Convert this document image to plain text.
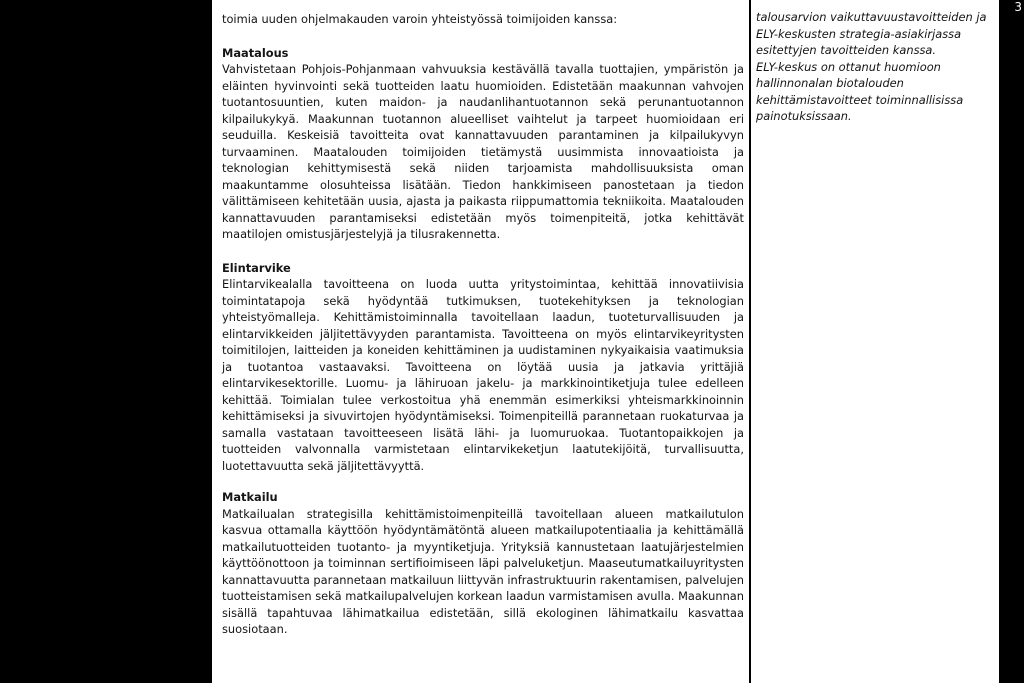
3

toimia uuden ohjelmakauden varoin yhteistyössä toimijoiden kanssa:

Maatalous

Vahvistetaan Pohjois-Pohjanmaan vahvuuksia kestävällä tavalla tuottajien, ympäristön ja eläinten hyvinvointi sekä tuotteiden laatu huomioiden. Edistetään maakunnan vahvojen tuotantosuuntien, kuten maidon- ja naudanlihantuotannon sekä perunantuotannon kilpailukykyä. Maakunnan tuotannon alueelliset vaihtelut ja tarpeet huomioidaan eri seuduilla. Keskeisiä tavoitteita ovat kannattavuuden parantaminen ja kilpailukyvyn turvaaminen. Maatalouden toimijoiden tietämystä uusimmista innovaatioista ja teknologian kehittymisestä sekä niiden tarjoamista mahdollisuuksista oman maakuntamme olosuhteissa lisätään. Tiedon hankkimiseen panostetaan ja tiedon välittämiseen kehitetään uusia, ajasta ja paikasta riippumattomia tekniikoita. Maatalouden kannattavuuden parantamiseksi edistetään myös toimenpiteitä, jotka kehittävät maatilojen omistusjärjestelyjä ja tilusrakennetta.

Elintarvike

Elintarvikealalla tavoitteena on luoda uutta yritystoimintaa, kehittää innovatiivisia toimintatapoja sekä hyödyntää tutkimuksen, tuotekehityksen ja teknologian yhteistyömalleja. Kehittämistoiminnalla tavoitellaan laadun, tuoteturvallisuuden ja elintarvikkeiden jäljitettävyyden parantamista. Tavoitteena on myös elintarvikeyritysten toimitilojen, laitteiden ja koneiden kehittäminen ja uudistaminen nykyaikaisia vaatimuksia ja tuotantoa vastaavaksi. Tavoitteena on löytää uusia ja jatkavia yrittäjiä elintarvikesektorille. Luomu- ja lähiruoan jakelu- ja markkinointiketjuja tulee edelleen kehittää. Toimialan tulee verkostoitua yhä enemmän esimerkiksi yhteismarkkinoinnin kehittämiseksi ja sivuvirtojen hyödyntämiseksi. Toimenpiteillä parannetaan ruokaturvaa ja samalla vastataan tavoitteeseen lisätä lähi- ja luomuruokaa. Tuotantopaikkojen ja tuotteiden valvonnalla varmistetaan elintarvikeketjun laatutekijöitä, turvallisuutta, luotettavuutta sekä jäljitettävyyttä.

Matkailu

Matkailualan strategisilla kehittämistoimenpiteillä tavoitellaan alueen matkailutulon kasvua ottamalla käyttöön hyödyntämätöntä alueen matkailupotentiaalia ja kehittämällä matkailutuotteiden tuotanto- ja myyntiketjuja. Yrityksiä kannustetaan laatujärjestelmien käyttöönottoon ja toiminnan sertifioimiseen läpi palveluketjun. Maaseutumatkailuyritysten kannattavuutta parannetaan matkailuun liittyvän infrastruktuurin rakentamisen, palvelujen tuotteistamisen sekä matkailupalvelujen korkean laadun varmistamisen avulla. Maakunnan sisällä tapahtuvaa lähimatkailua edistetään, sillä ekologinen lähimatkailu kasvattaa suosiotaan.

talousarvion vaikuttavuustavoitteiden ja ELY-keskusten strategia-asiakirjassa esitettyjen tavoitteiden kanssa.

ELY-keskus on ottanut huomioon hallinnonalan biotalouden kehittämistavoitteet toiminnallisissa painotuksissaan.
